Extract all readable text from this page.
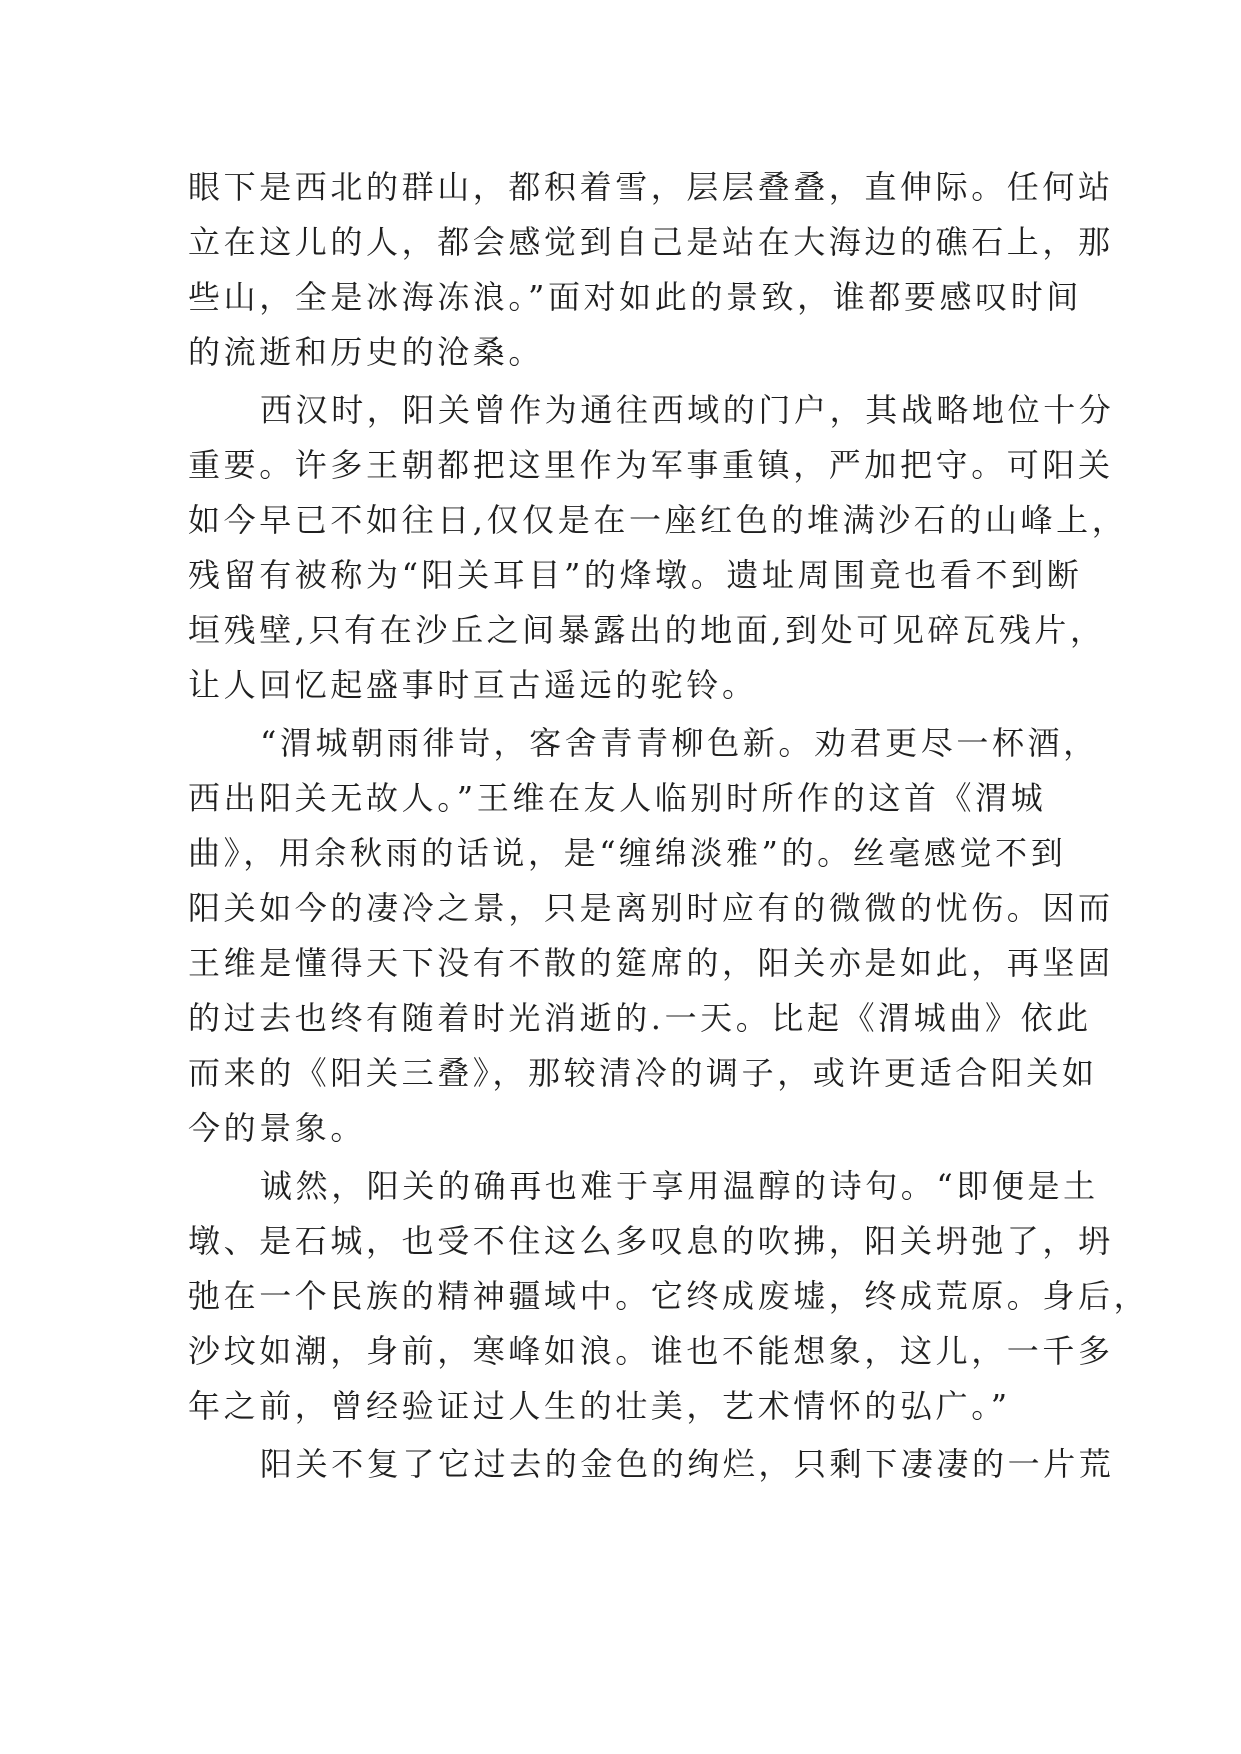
眼下是西北的群山，都积着雪，层层叠叠，直伸际。任何站
立在这儿的人，都会感觉到自己是站在大海边的礁石上，那
些山，全是冰海冻浪。”面对如此的景致，谁都要感叹时间
的流逝和历史的沧桑。
西汉时，阳关曾作为通往西域的门户，其战略地位十分
重要。许多王朝都把这里作为军事重镇，严加把守。可阳关
如今早已不如往日,仅仅是在一座红色的堆满沙石的山峰上，
残留有被称为“阳关耳目”的烽墩。遗址周围竟也看不到断
垣残壁,只有在沙丘之间暴露出的地面,到处可见碎瓦残片，
让人回忆起盛事时亘古遥远的驼铃。
“渭城朝雨徘岢，客舍青青柳色新。劝君更尽一杯酒，
西出阳关无故人。”王维在友人临别时所作的这首《渭城
曲》，用余秋雨的话说，是“缠绵淡雅”的。丝毫感觉不到
阳关如今的凄冷之景，只是离别时应有的微微的忧伤。因而
王维是懂得天下没有不散的筵席的，阳关亦是如此，再坚固
的过去也终有随着时光消逝的.一天。比起《渭城曲》依此
而来的《阳关三叠》，那较清冷的调子，或许更适合阳关如
今的景象。
诚然，阳关的确再也难于享用温醇的诗句。“即便是土
墩、是石城，也受不住这么多叹息的吹拂，阳关坍弛了，坍
弛在一个民族的精神疆域中。它终成废墟，终成荒原。身后，
沙坟如潮，身前，寒峰如浪。谁也不能想象，这儿，一千多
年之前，曾经验证过人生的壮美，艺术情怀的弘广。”
阳关不复了它过去的金色的绚烂，只剩下凄凄的一片荒
